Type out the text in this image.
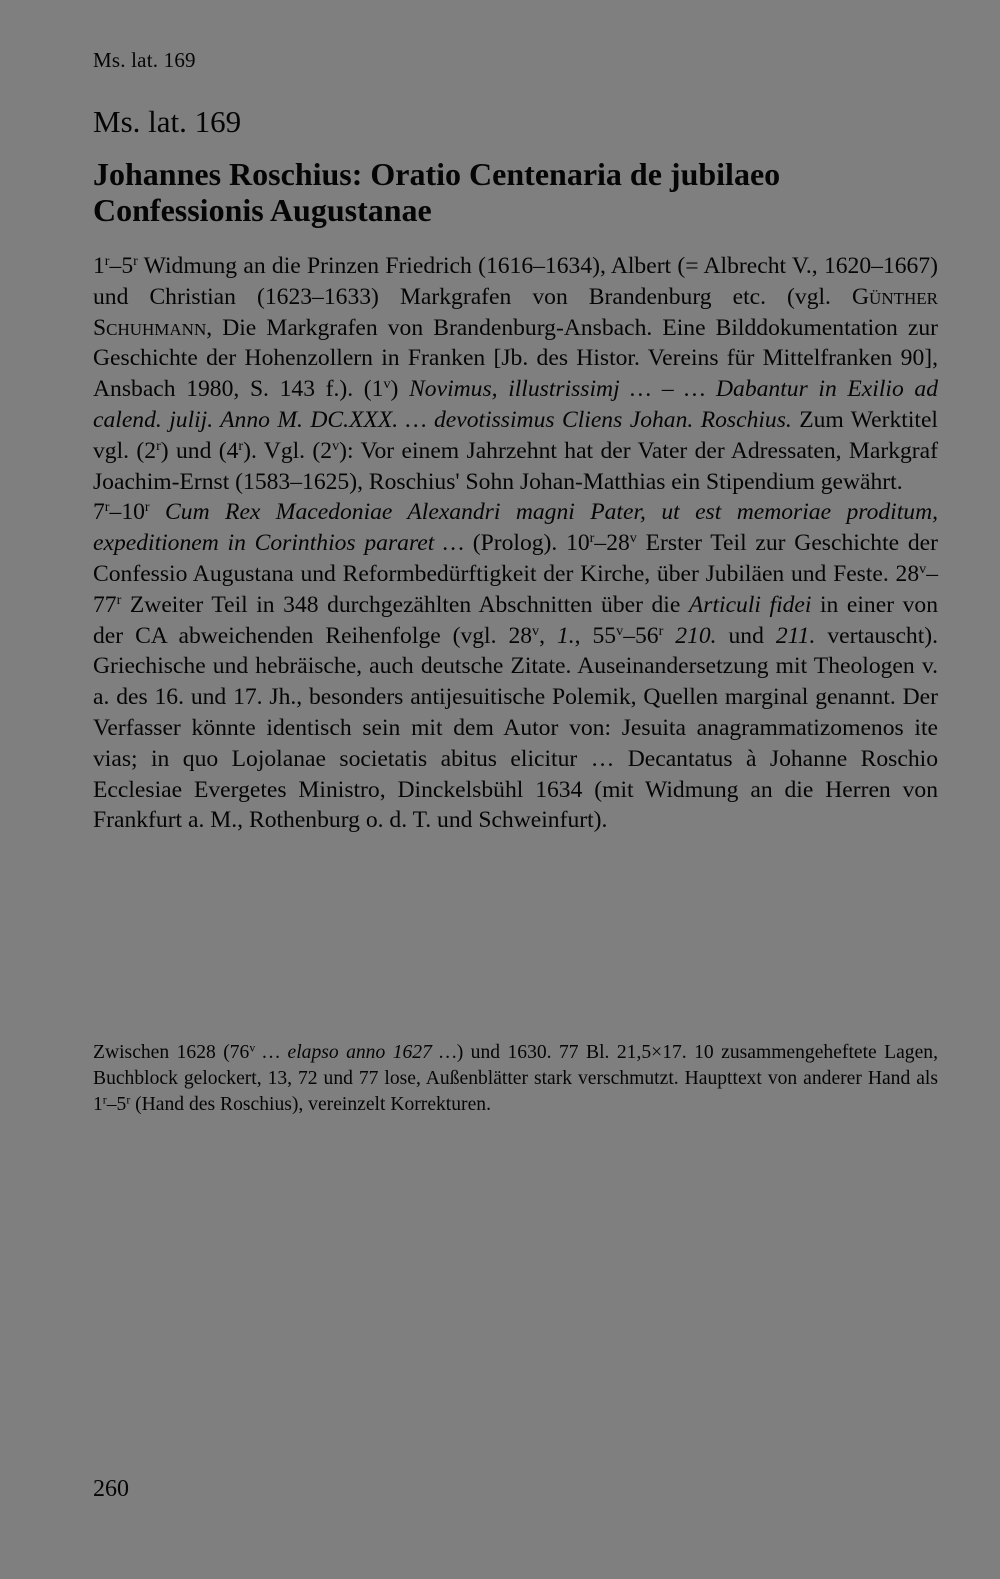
Ms. lat. 169
Ms. lat. 169
Johannes Roschius: Oratio Centenaria de jubilaeo Confessionis Augustanae

1$^r$–5$^r$ Widmung an die Prinzen Friedrich (1616–1634), Albert (= Albrecht V., 1620–1667) und Christian (1623–1633) Markgrafen von Brandenburg etc. (vgl. Günther Schuhmann, Die Markgrafen von Brandenburg-Ansbach. Eine Bilddokumentation zur Geschichte der Hohenzollern in Franken [Jb. des Histor. Vereins für Mittelfranken 90], Ansbach 1980, S. 143 f.). (1$^v$) Novimus, illustrissimj … – … Dabantur in Exilio ad calend. julij. Anno M. DC.XXX. … devotissimus Cliens Johan. Roschius. Zum Werktitel vgl. (2$^r$) und (4$^r$). Vgl. (2$^v$): Vor einem Jahrzehnt hat der Vater der Adressaten, Markgraf Joachim-Ernst (1583–1625), Roschius' Sohn Johan-Matthias ein Stipendium gewährt.

7$^r$–10$^r$ Cum Rex Macedoniae Alexandri magni Pater, ut est memoriae proditum, expeditionem in Corinthios pararet … (Prolog). 10$^r$–28$^v$ Erster Teil zur Geschichte der Confessio Augustana und Reformbedürftigkeit der Kirche, über Jubiläen und Feste. 28$^v$–77$^r$ Zweiter Teil in 348 durchgezählten Abschnitten über die Articuli fidei in einer von der CA abweichenden Reihenfolge (vgl. 28$^v$, 1., 55$^v$–56$^r$ 210. und 211. vertauscht). Griechische und hebräische, auch deutsche Zitate. Auseinandersetzung mit Theologen v. a. des 16. und 17. Jh., besonders antijesuitische Polemik, Quellen marginal genannt. Der Verfasser könnte identisch sein mit dem Autor von: Jesuita anagrammatizomenos ite vias; in quo Lojolanae societatis abitus elicitur … Decantatus à Johanne Roschio Ecclesiae Evergetes Ministro, Dinckelsbühl 1634 (mit Widmung an die Herren von Frankfurt a. M., Rothenburg o. d. T. und Schweinfurt).

Zwischen 1628 (76$^v$ … elapso anno 1627 …) und 1630. 77 Bl. 21,5×17. 10 zusammengeheftete Lagen, Buchblock gelockert, 13, 72 und 77 lose, Außenblätter stark verschmutzt. Haupttext von anderer Hand als 1$^r$–5$^r$ (Hand des Roschius), vereinzelt Korrekturen.

260
